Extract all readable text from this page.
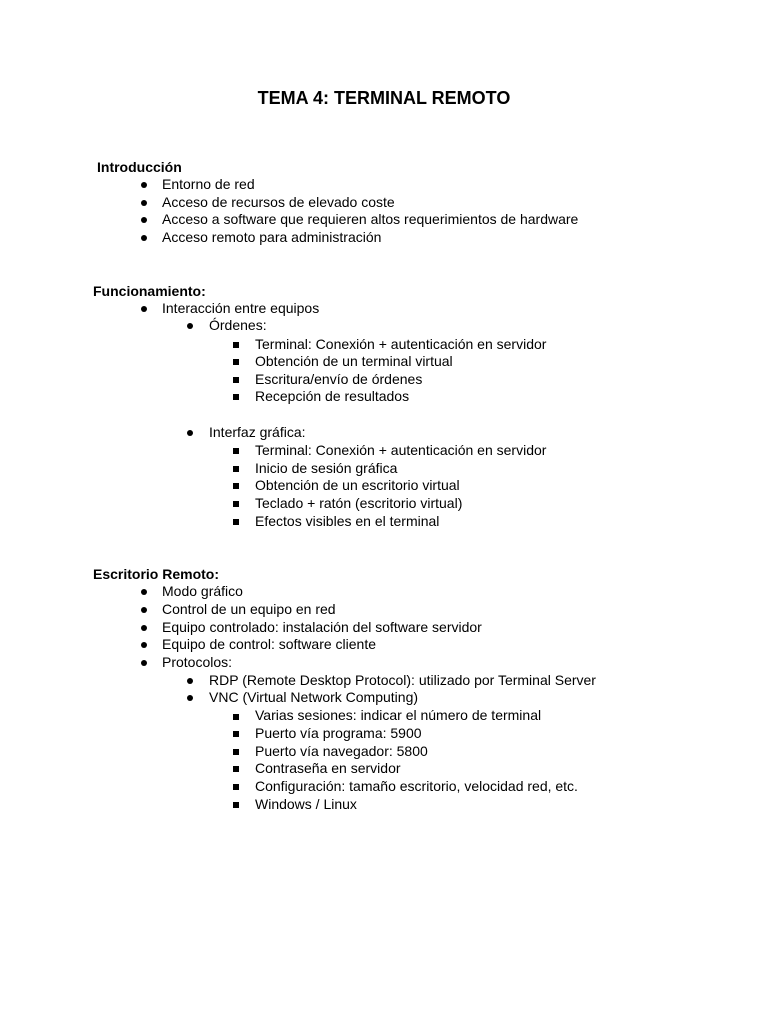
TEMA 4: TERMINAL REMOTO
Introducción
Entorno de red
Acceso de recursos de elevado coste
Acceso a software que requieren altos requerimientos de hardware
Acceso remoto para administración
Funcionamiento:
Interacción entre equipos
Órdenes:
Terminal: Conexión + autenticación en servidor
Obtención de un terminal virtual
Escritura/envío de órdenes
Recepción de resultados
Interfaz gráfica:
Terminal: Conexión + autenticación en servidor
Inicio de sesión gráfica
Obtención de un escritorio virtual
Teclado + ratón (escritorio virtual)
Efectos visibles en el terminal
Escritorio Remoto:
Modo gráfico
Control de un equipo en red
Equipo controlado: instalación del software servidor
Equipo de control: software cliente
Protocolos:
RDP (Remote Desktop Protocol): utilizado por Terminal Server
VNC (Virtual Network Computing)
Varias sesiones: indicar el número de terminal
Puerto vía programa: 5900
Puerto vía navegador: 5800
Contraseña en servidor
Configuración: tamaño escritorio, velocidad red, etc.
Windows / Linux
